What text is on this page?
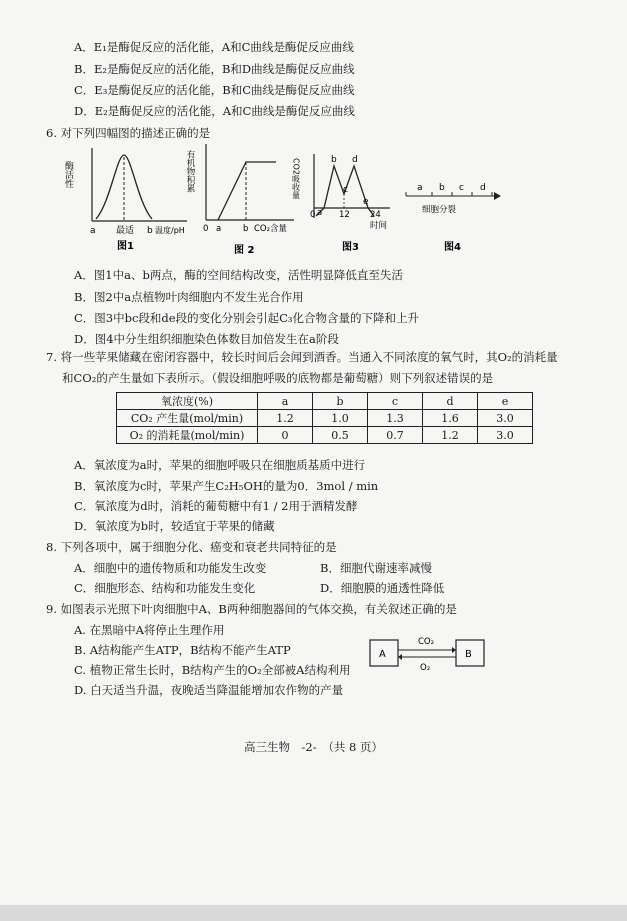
A．E₁是酶促反应的活化能，A和C曲线是酶促反应曲线
B．E₂是酶促反应的活化能，B和D曲线是酶促反应曲线
C．E₃是酶促反应的活化能，B和C曲线是酶促反应曲线
D．E₂是酶促反应的活化能，A和C曲线是酶促反应曲线
6. 对下列四幅图的描述正确的是
酶活性
a 最适 b 温度/pH
图1
有机物积累
0 a	b CO₂含量
图 2
CO2吸收量
a
b
c
d
e
0	12 24
时间
图3
a b c d
细胞分裂
图4
A．图1中a、b两点，酶的空间结构改变，活性明显降低直至失活
B．图2中a点植物叶肉细胞内不发生光合作用
C．图3中bc段和de段的变化分别会引起C₃化合物含量的下降和上升
D．图4中分生组织细胞染色体数目加倍发生在a阶段
7. 将一些苹果储藏在密闭容器中，较长时间后会闻到酒香。当通入不同浓度的氧气时，其O₂的消耗量
和CO₂的产生量如下表所示。（假设细胞呼吸的底物都是葡萄糖）则下列叙述错误的是
氧浓度(%)	a	b	c	d	e
CO₂ 产生量(mol/min)	1.2	1.0	1.3	1.6	3.0
O₂ 的消耗量(mol/min)	0	0.5	0.7	1.2	3.0
A．氧浓度为a时，苹果的细胞呼吸只在细胞质基质中进行
B．氧浓度为c时，苹果产生C₂H₅OH的量为0．3mol / min
C．氧浓度为d时，消耗的葡萄糖中有1 / 2用于酒精发酵
D．氧浓度为b时，较适宜于苹果的储藏
8. 下列各项中，属于细胞分化、癌变和衰老共同特征的是
A．细胞中的遗传物质和功能发生改变	B．细胞代谢速率减慢
C．细胞形态、结构和功能发生变化	D．细胞膜的通透性降低
9. 如图表示光照下叶肉细胞中A、B两种细胞器间的气体交换，有关叙述正确的是
A. 在黑暗中A将停止生理作用
B. A结构能产生ATP，B结构不能产生ATP
C. 植物正常生长时，B结构产生的O₂全部被A结构利用
D. 白天适当升温，夜晚适当降温能增加农作物的产量
A	B
CO₂
O₂
高三生物　-2-　（共 8 页）
